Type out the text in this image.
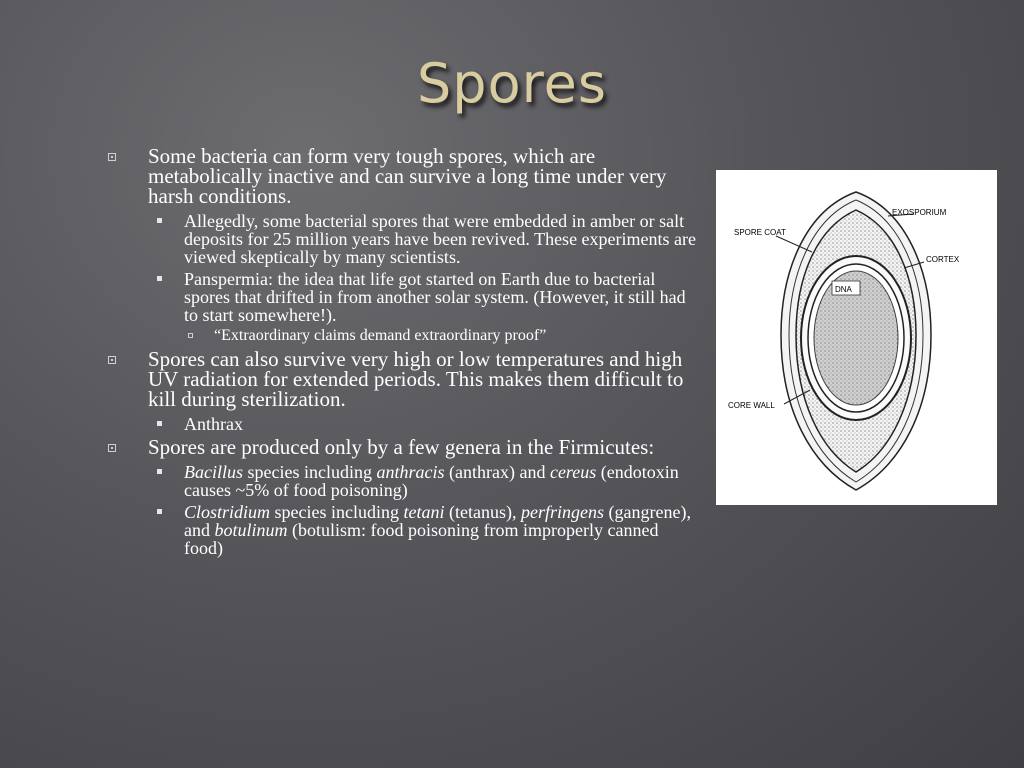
Spores
Some bacteria can form very tough spores, which are metabolically inactive and can survive a long time under very harsh conditions.
Allegedly, some bacterial spores that were embedded in amber or salt deposits for 25 million years have been revived. These experiments are viewed skeptically by many scientists.
Panspermia: the idea that life got started on Earth due to bacterial spores that drifted in from another solar system. (However, it still had to start somewhere!).
“Extraordinary claims demand extraordinary proof”
Spores can also survive very high or low temperatures and high UV radiation for extended periods. This makes them difficult to kill during sterilization.
Anthrax
Spores are produced only by a few genera in the Firmicutes:
Bacillus species including anthracis (anthrax) and cereus (endotoxin causes ~5% of food poisoning)
Clostridium species including tetani (tetanus), perfringens (gangrene), and botulinum (botulism: food poisoning from improperly canned food)
DNA
EXOSPORIUM
SPORE COAT
CORTEX
CORE WALL
